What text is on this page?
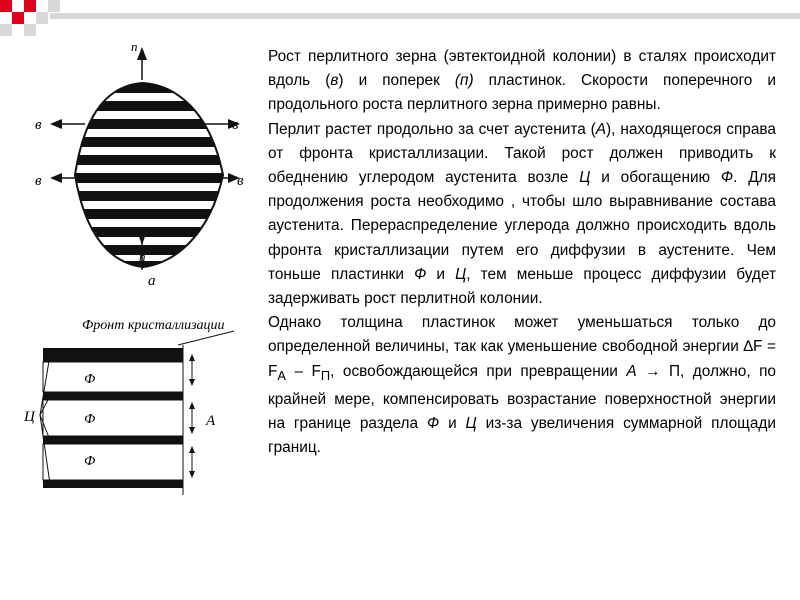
п
п
в
в
в
в
а
Фронт кристаллизации
Ц
Ф
Ф
Ф
А

Рост перлитного зерна (эвтектоидной колонии) в сталях происходит вдоль (в) и поперек (п) пластинок. Скорости поперечного и продольного роста перлитного зерна примерно равны.

Перлит растет продольно за счет аустенита (А), находящегося справа от фронта кристаллизации. Такой рост должен приводить к обеднению углеродом аустенита возле Ц и обогащению Ф. Для продолжения роста необходимо , чтобы шло выравнивание состава аустенита. Перераспределение углерода должно происходить вдоль фронта кристаллизации путем его диффузии в аустените. Чем тоньше пластинки Ф и Ц, тем меньше процесс диффузии будет задерживать рост перлитной колонии.

Однако толщина пластинок может уменьшаться только до определенной величины, так как уменьшение свободной энергии $\Delta F = F_А - F_П$, освобождающейся при превращении А → П, должно, по крайней мере, компенсировать возрастание поверхностной энергии на границе раздела Ф и Ц из-за увеличения суммарной площади границ.
